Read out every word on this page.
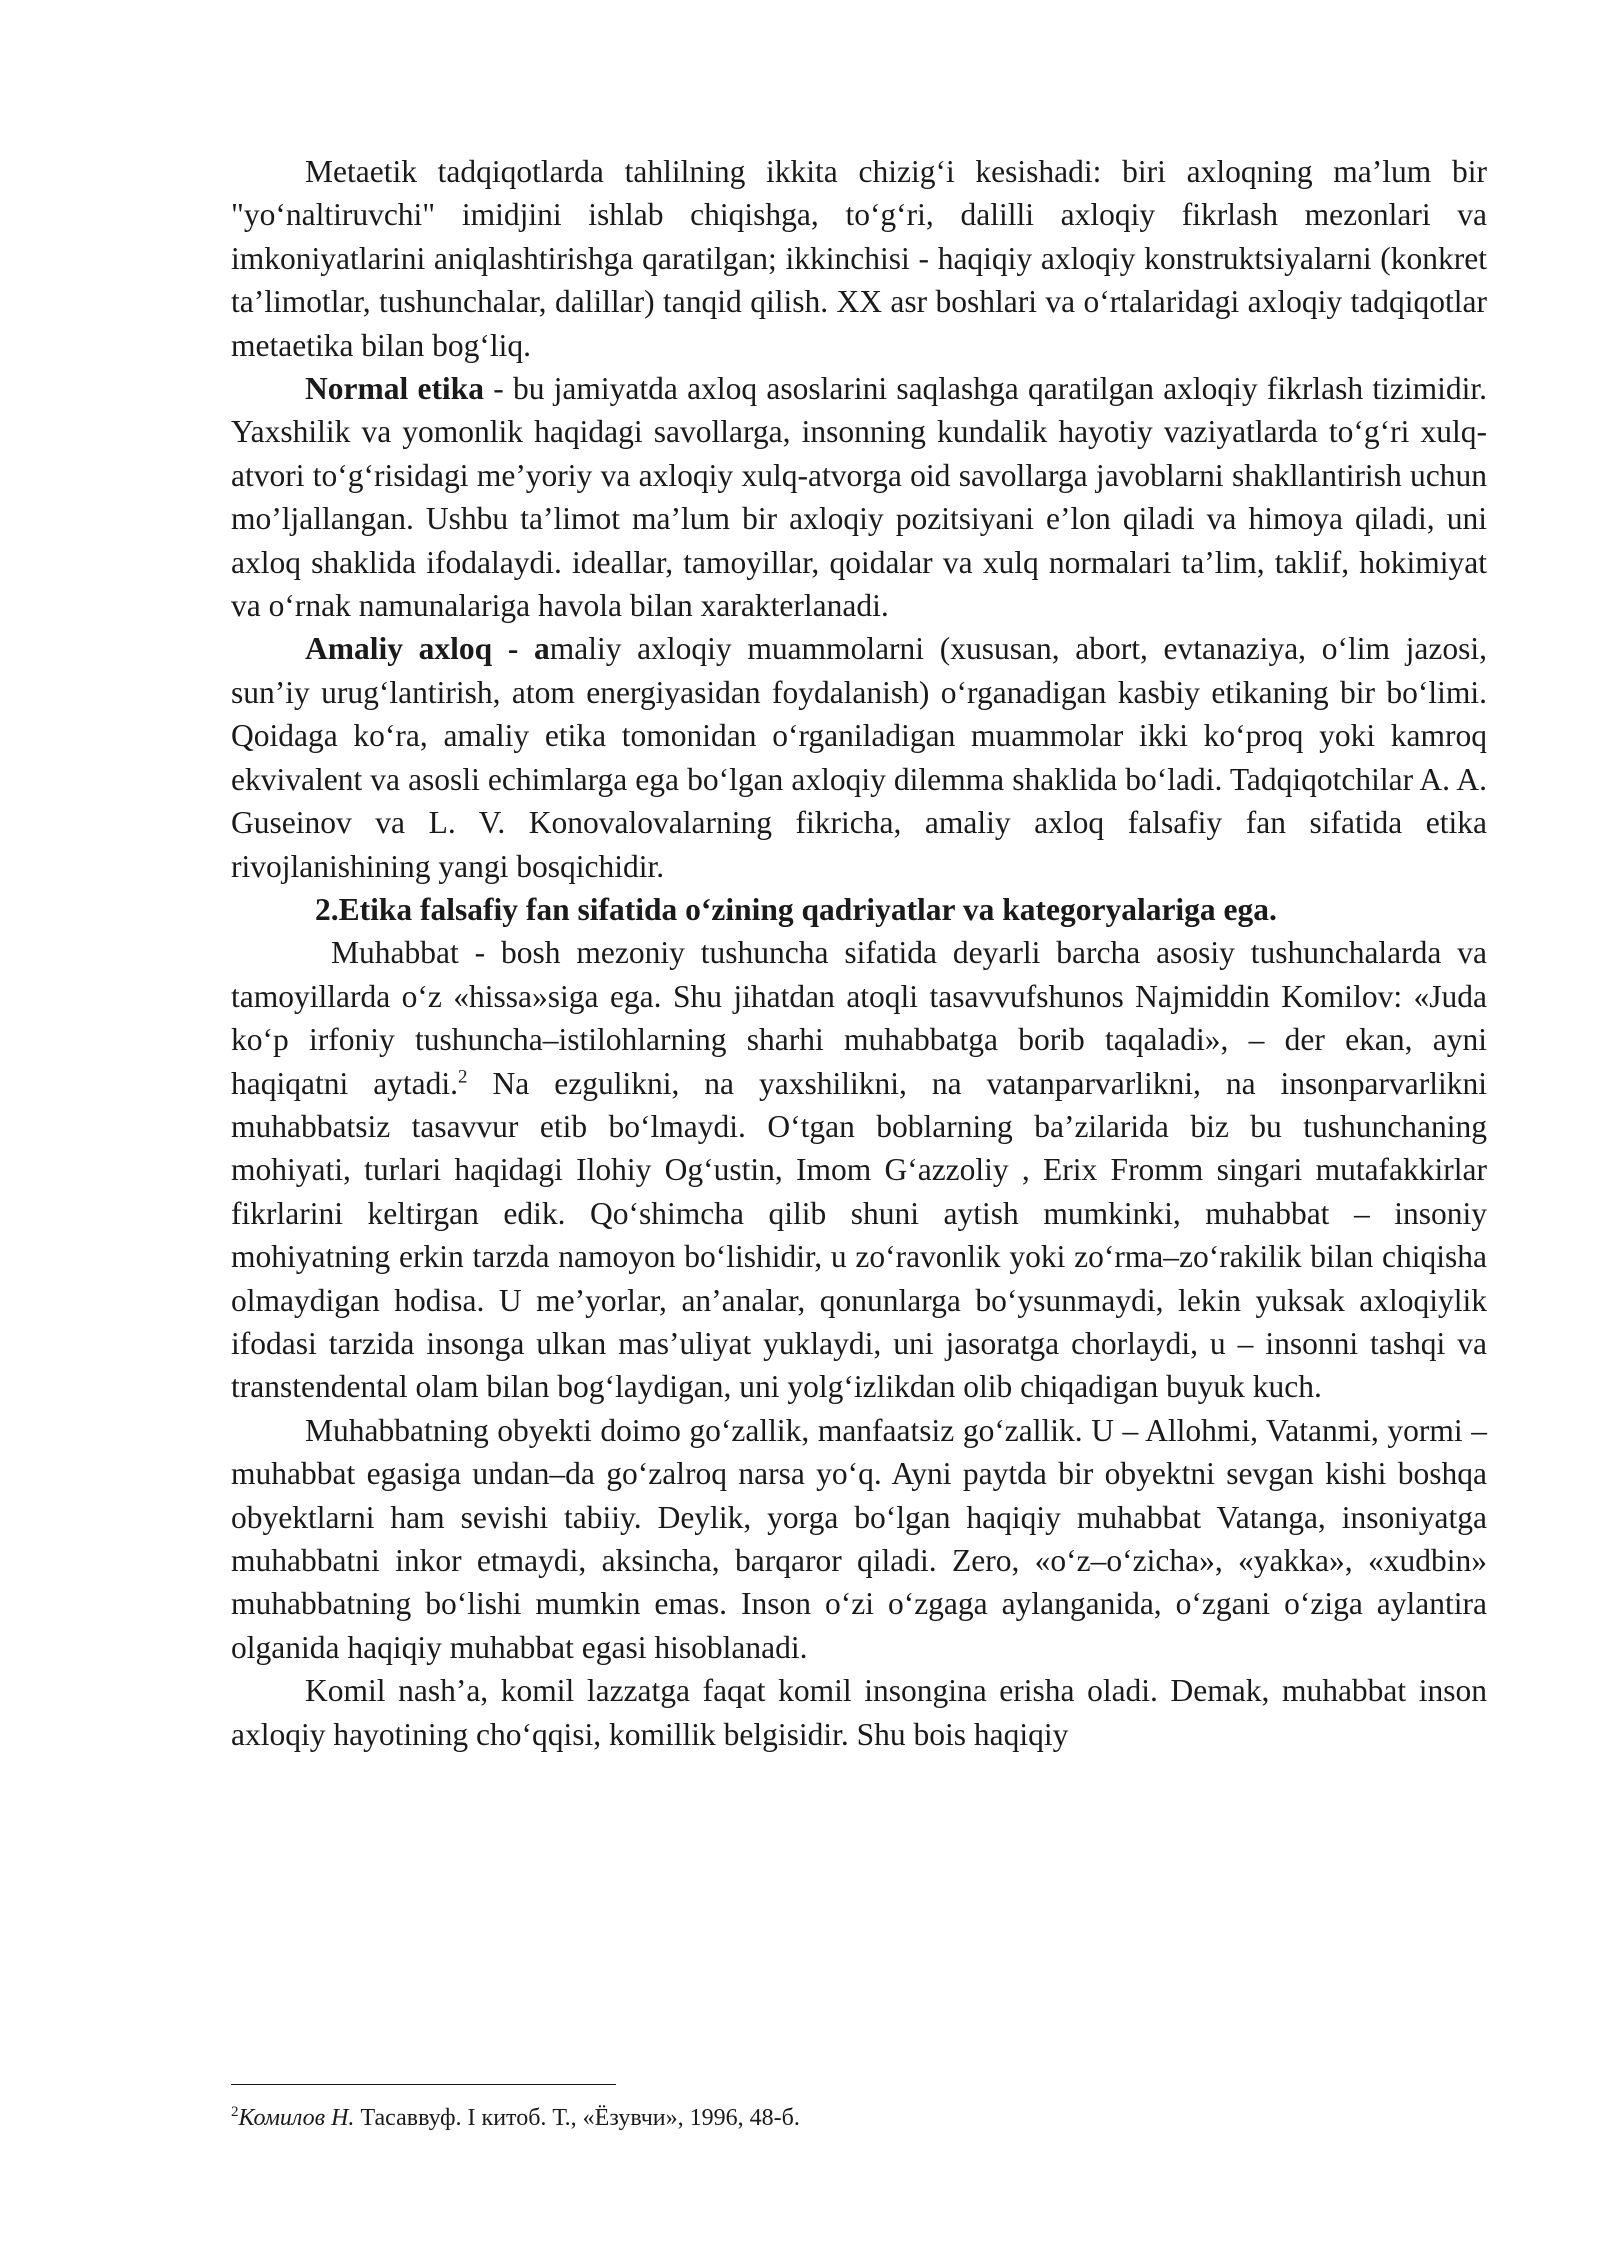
Metaetik tadqiqotlarda tahlilning ikkita chizig‘i kesishadi: biri axloqning ma’lum bir "yo‘naltiruvchi" imidjini ishlab chiqishga, to‘g‘ri, dalilli axloqiy fikrlash mezonlari va imkoniyatlarini aniqlashtirishga qaratilgan; ikkinchisi - haqiqiy axloqiy konstruktsiyalarni (konkret ta’limotlar, tushunchalar, dalillar) tanqid qilish. XX asr boshlari va o‘rtalaridagi axloqiy tadqiqotlar metaetika bilan bog‘liq.

Normal etika - bu jamiyatda axloq asoslarini saqlashga qaratilgan axloqiy fikrlash tizimidir. Yaxshilik va yomonlik haqidagi savollarga, insonning kundalik hayotiy vaziyatlarda to‘g‘ri xulq-atvori to‘g‘risidagi me’yoriy va axloqiy xulq-atvorga oid savollarga javoblarni shakllantirish uchun mo’ljallangan. Ushbu ta’limot ma’lum bir axloqiy pozitsiyani e’lon qiladi va himoya qiladi, uni axloq shaklida ifodalaydi. ideallar, tamoyillar, qoidalar va xulq normalari ta’lim, taklif, hokimiyat va o‘rnak namunalariga havola bilan xarakterlanadi.

Amaliy axloq - amaliy axloqiy muammolarni (xususan, abort, evtanaziya, o‘lim jazosi, sun’iy urug‘lantirish, atom energiyasidan foydalanish) o‘rganadigan kasbiy etikaning bir bo‘limi. Qoidaga ko‘ra, amaliy etika tomonidan o‘rganiladigan muammolar ikki ko‘proq yoki kamroq ekvivalent va asosli echimlarga ega bo‘lgan axloqiy dilemma shaklida bo‘ladi. Tadqiqotchilar A. A. Guseinov va L. V. Konovalovalarning fikricha, amaliy axloq falsafiy fan sifatida etika rivojlanishining yangi bosqichidir.

2.Etika falsafiy fan sifatida o‘zining qadriyatlar va kategoryalariga ega.

Muhabbat - bosh mezoniy tushuncha sifatida deyarli barcha asosiy tushunchalarda va tamoyillarda o‘z «hissa»siga ega. Shu jihatdan atoqli tasavvufshunos Najmiddin Komilov: «Juda ko‘p irfoniy tushuncha–istilohlarning sharhi muhabbatga borib taqaladi», – der ekan, ayni haqiqatni aytadi.$^2$ Na ezgulikni, na yaxshilikni, na vatanparvarlikni, na insonparvarlikni muhabbatsiz tasavvur etib bo‘lmaydi. O‘tgan boblarning ba’zilarida biz bu tushunchaning mohiyati, turlari haqidagi Ilohiy Og‘ustin, Imom G‘azzoliy , Erix Fromm singari mutafakkirlar fikrlarini keltirgan edik. Qo‘shimcha qilib shuni aytish mumkinki, muhabbat – insoniy mohiyatning erkin tarzda namoyon bo‘lishidir, u zo‘ravonlik yoki zo‘rma–zo‘rakilik bilan chiqisha olmaydigan hodisa. U me’yorlar, an’analar, qonunlarga bo‘ysunmaydi, lekin yuksak axloqiylik ifodasi tarzida insonga ulkan mas’uliyat yuklaydi, uni jasoratga chorlaydi, u – insonni tashqi va transtendental olam bilan bog‘laydigan, uni yolg‘izlikdan olib chiqadigan buyuk kuch.

Muhabbatning obyekti doimo go‘zallik, manfaatsiz go‘zallik. U – Allohmi, Vatanmi, yormi – muhabbat egasiga undan–da go‘zalroq narsa yo‘q. Ayni paytda bir obyektni sevgan kishi boshqa obyektlarni ham sevishi tabiiy. Deylik, yorga bo‘lgan haqiqiy muhabbat Vatanga, insoniyatga muhabbatni inkor etmaydi, aksincha, barqaror qiladi. Zero, «o‘z–o‘zicha», «yakka», «xudbin» muhabbatning bo‘lishi mumkin emas. Inson o‘zi o‘zgaga aylanganida, o‘zgani o‘ziga aylantira olganida haqiqiy muhabbat egasi hisoblanadi.

Komil nash’a, komil lazzatga faqat komil insongina erisha oladi. Demak, muhabbat inson axloqiy hayotining cho‘qqisi, komillik belgisidir. Shu bois haqiqiy

$^2$Комилов Н. Тасаввуф. I китоб. Т., «Ёзувчи», 1996, 48-б.
